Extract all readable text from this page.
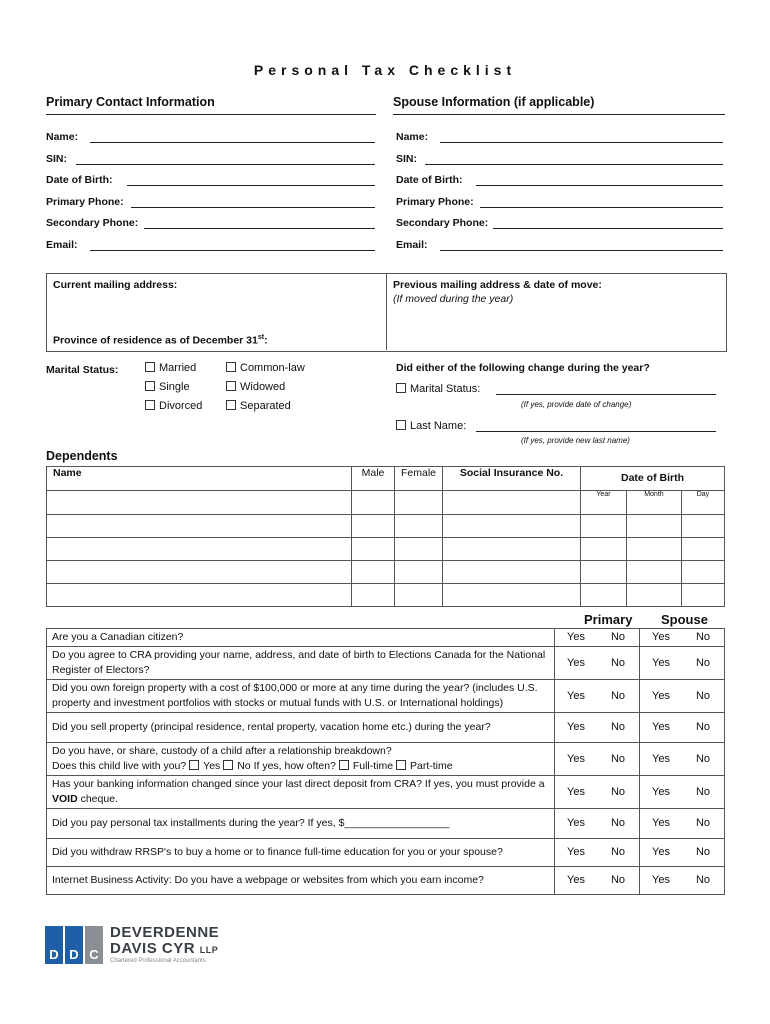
Personal Tax Checklist
Primary Contact Information	Spouse Information (if applicable)
Name:
SIN:
Date of Birth:
Primary Phone:
Secondary Phone:
Email:
Name:
SIN:
Date of Birth:
Primary Phone:
Secondary Phone:
Email:
Current mailing address:	Previous mailing address & date of move:
(If moved during the year)
Province of residence as of December 31st:
Marital Status:	Married	Common-law
Single	Widowed
Divorced	Separated
Did either of the following change during the year?
Marital Status:
(If yes, provide date of change)
Last Name:
(If yes, provide new last name)
Dependents
Name	Male	Female	Social Insurance No.	Date of Birth		

				Year	Month	Day

Primary Spouse
Are you a Canadian citizen?	Yes	No	Yes	No
Do you agree to CRA providing your name, address, and date of birth to Elections Canada for the National Register of Electors?	Yes	No	Yes	No
Did you own foreign property with a cost of $100,000 or more at any time during the year? (includes U.S. property and investment portfolios with stocks or mutual funds with U.S. or International holdings)	Yes	No	Yes	No
Did you sell property (principal residence, rental property, vacation home etc.) during the year?	Yes	No	Yes	No

Do you have, or share, custody of a child after a relationship breakdown?
Does this child live with you? Yes No If yes, how often? Full-time Part-time	Yes	No	Yes	No
Has your banking information changed since your last direct deposit from CRA? If yes, you must provide a VOID cheque.	Yes	No	Yes	No
Did you pay personal tax installments during the year? If yes, $__________________	Yes	No	Yes	No
Did you withdraw RRSP's to buy a home or to finance full-time education for you or your spouse?	Yes	No	Yes	No
Internet Business Activity: Do you have a webpage or websites from which you earn income?	Yes	No	Yes	No
D D C
DEVERDENNE
DAVIS CYR LLP
Chartered Professional Accountants
